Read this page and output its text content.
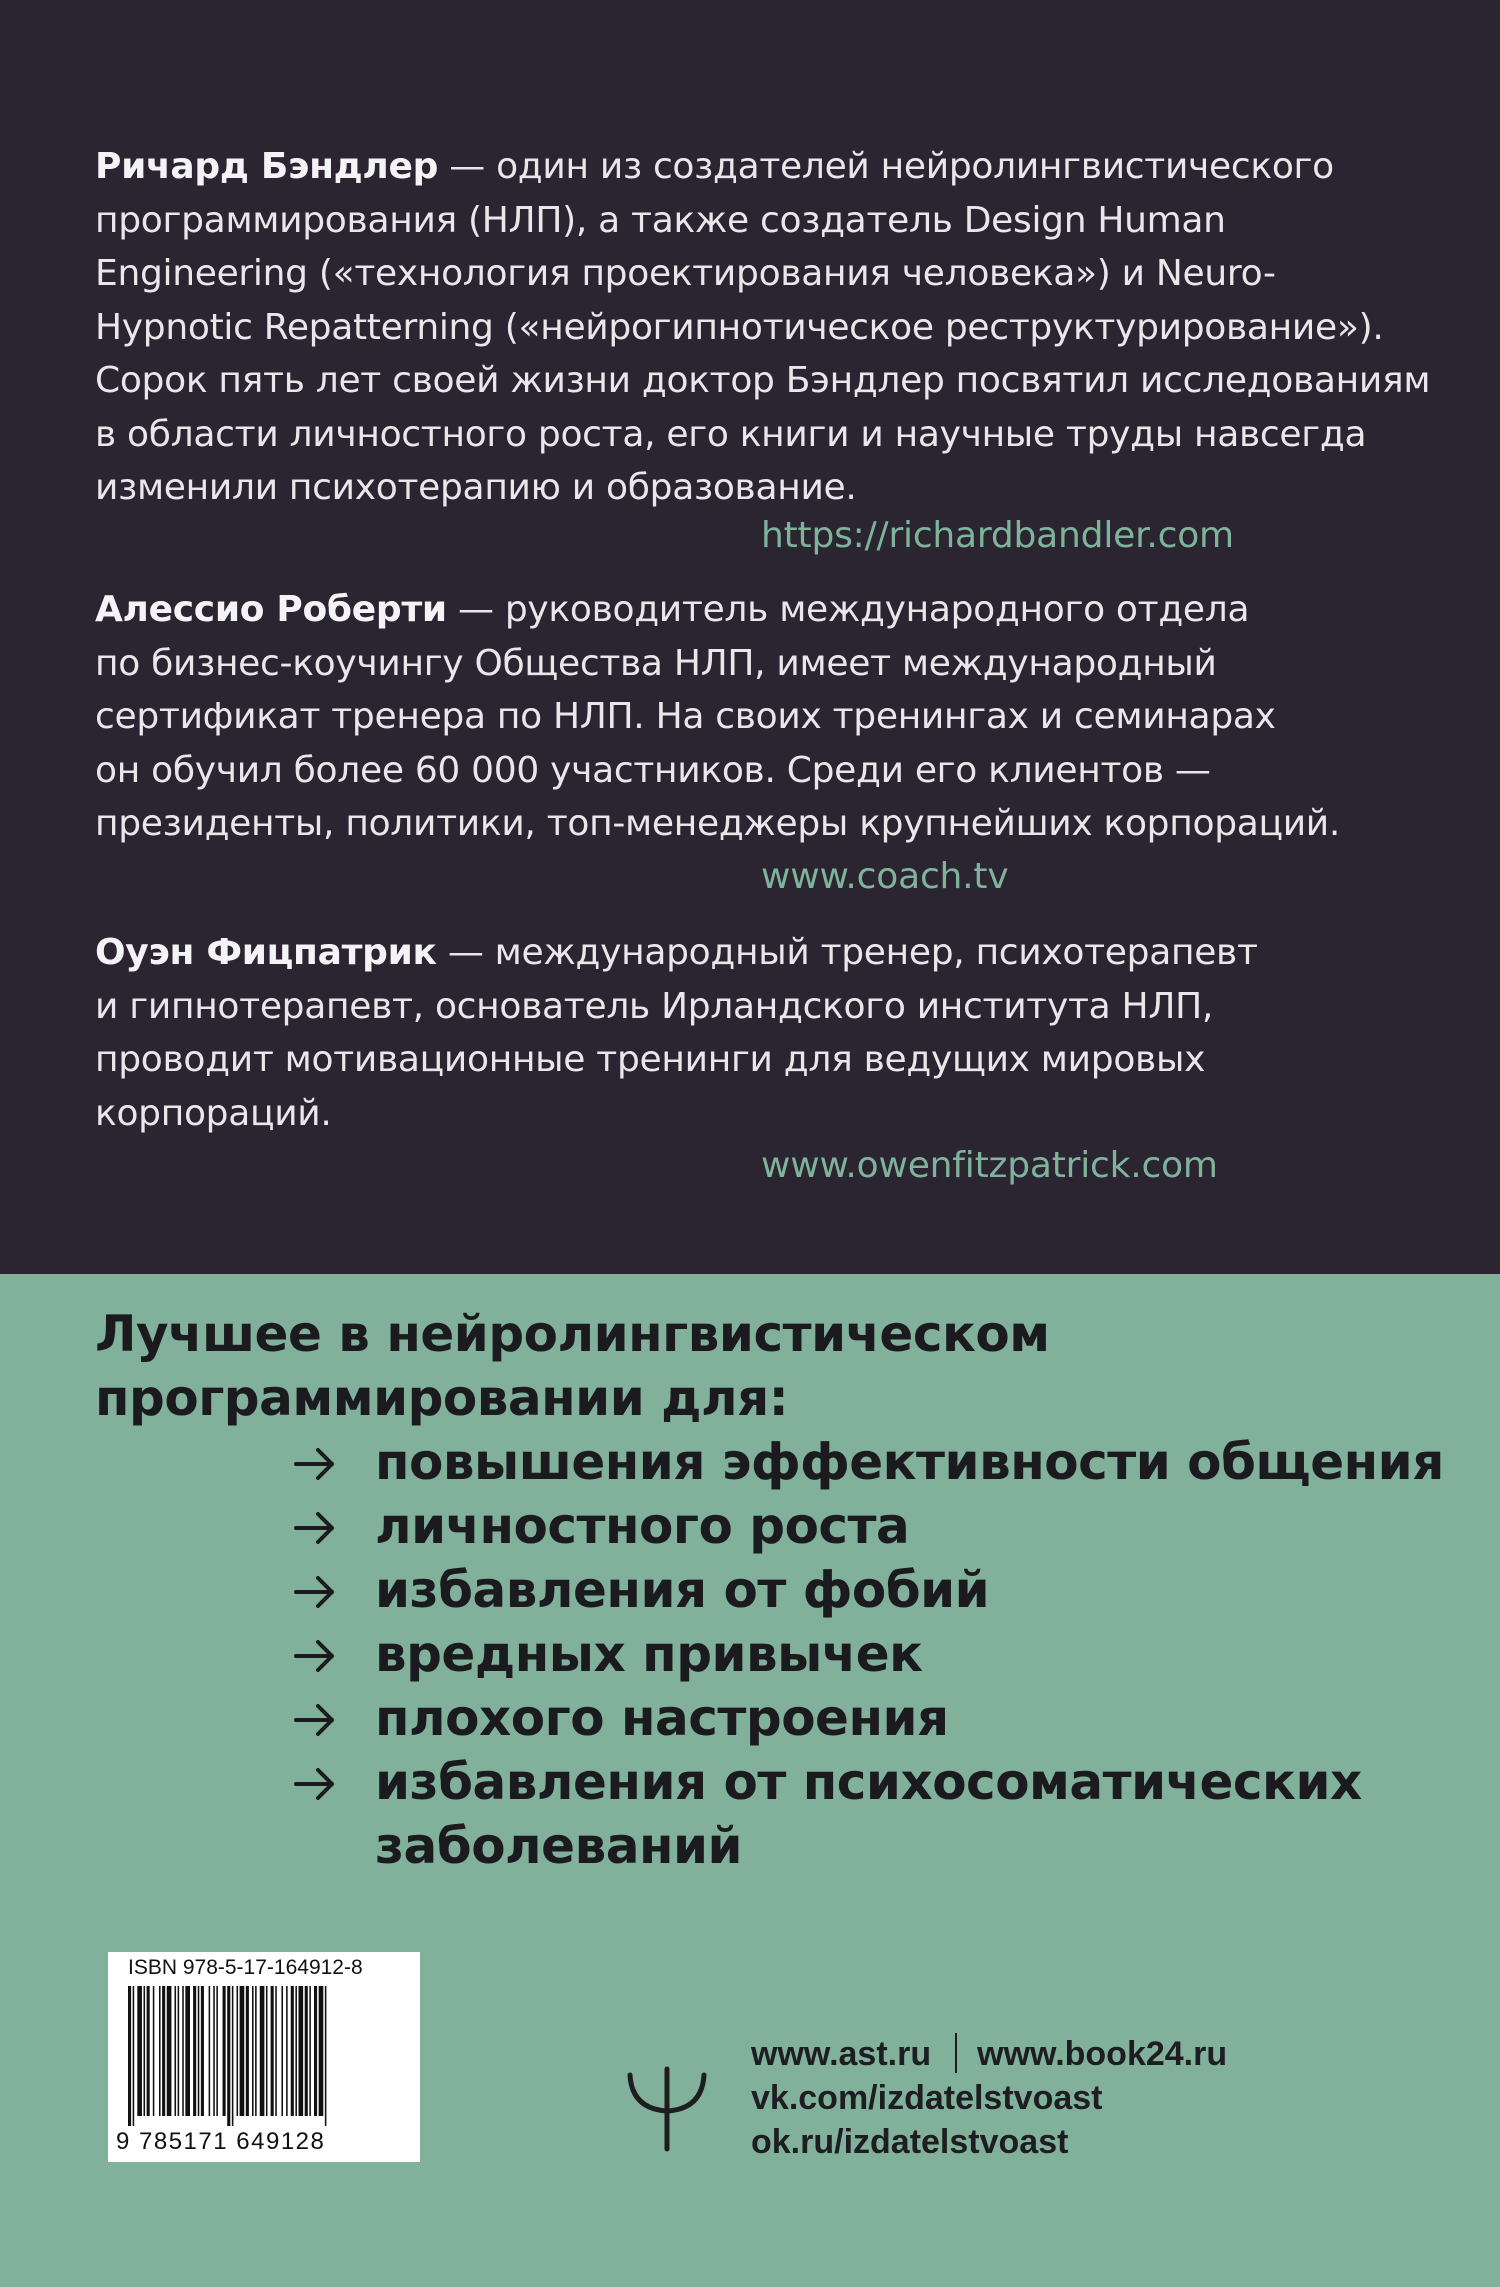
Ричард Бэндлер — один из создателей нейролингвистического
программирования (НЛП), а также создатель Design Human
Engineering («технология проектирования человека») и Neuro-
Hypnotic Repatterning («нейрогипнотическое реструктурирование»).
Сорок пять лет своей жизни доктор Бэндлер посвятил исследованиям
в области личностного роста, его книги и научные труды навсегда
изменили психотерапию и образование.
https://richardbandler.com
Алессио Роберти — руководитель международного отдела
по бизнес-коучингу Общества НЛП, имеет международный
сертификат тренера по НЛП. На своих тренингах и семинарах
он обучил более 60 000 участников. Среди его клиентов —
президенты, политики, топ-менеджеры крупнейших корпораций.
www.coach.tv
Оуэн Фицпатрик — международный тренер, психотерапевт
и гипнотерапевт, основатель Ирландского института НЛП,
проводит мотивационные тренинги для ведущих мировых
корпораций.
www.owenfitzpatrick.com
Лучшее в нейролингвистическом
программировании для:
повышения эффективности общения
личностного роста
избавления от фобий
вредных привычек
плохого настроения
избавления от психосоматических
заболеваний
ISBN 978-5-17-164912-8
9 785171 649128
www.ast.ru www.book24.ru
vk.com/izdatelstvoast
ok.ru/izdatelstvoast
